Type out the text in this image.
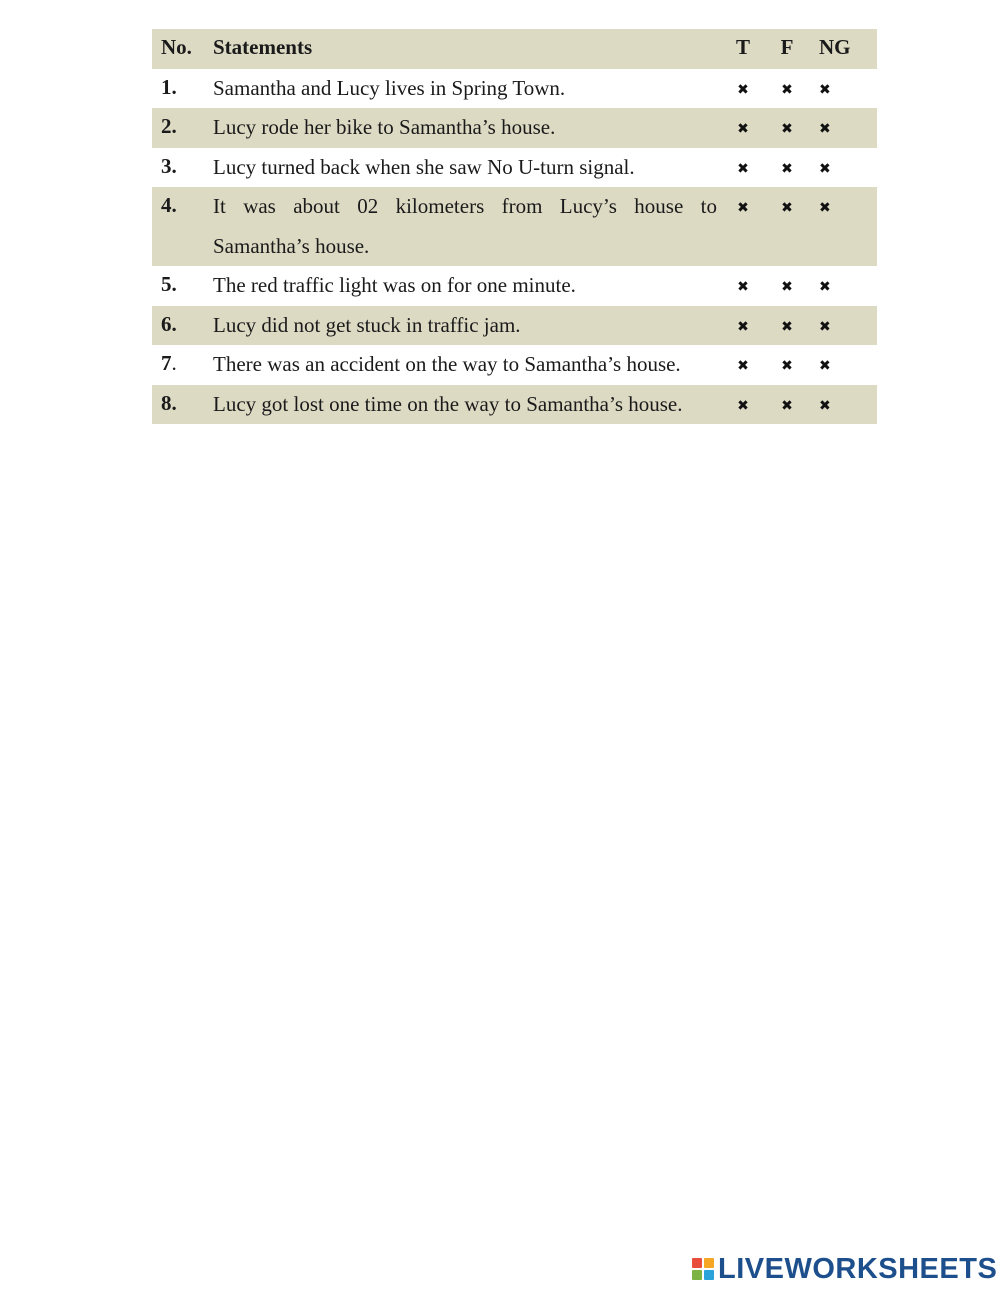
No.	Statements	T	F	NG
1.	Samantha and Lucy lives in Spring Town.	✖	✖	✖
2.	Lucy rode her bike to Samantha’s house.	✖	✖	✖
3.	Lucy turned back when she saw No U-turn signal.	✖	✖	✖
4.	It was about 02 kilometers from Lucy’s house to Samantha’s house.	✖	✖	✖
5.	The red traffic light was on for one minute.	✖	✖	✖
6.	Lucy did not get stuck in traffic jam.	✖	✖	✖
7.	There was an accident on the way to Samantha’s house.	✖	✖	✖
8.	Lucy got lost one time on the way to Samantha’s house.	✖	✖	✖
LIVEWORKSHEETS
